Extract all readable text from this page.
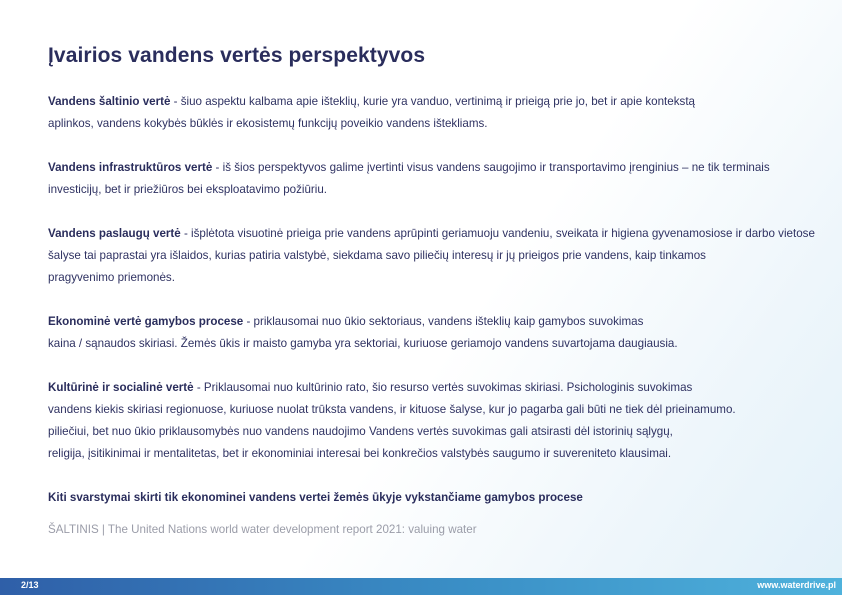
Įvairios vandens vertės perspektyvos

Vandens šaltinio vertė - šiuo aspektu kalbama apie išteklių, kurie yra vanduo, vertinimą ir prieigą prie jo, bet ir apie kontekstą

aplinkos, vandens kokybės būklės ir ekosistemų funkcijų poveikio vandens ištekliams.

Vandens infrastruktūros vertė - iš šios perspektyvos galime įvertinti visus vandens saugojimo ir transportavimo įrenginius – ne tik terminais

investicijų, bet ir priežiūros bei eksploatavimo požiūriu.

Vandens paslaugų vertė - išplėtota visuotinė prieiga prie vandens aprūpinti geriamuoju vandeniu, sveikata ir higiena gyvenamosiose ir darbo vietose

šalyse tai paprastai yra išlaidos, kurias patiria valstybė, siekdama savo piliečių interesų ir jų prieigos prie vandens, kaip tinkamos

pragyvenimo priemonės.

Ekonominė vertė gamybos procese - priklausomai nuo ūkio sektoriaus, vandens išteklių kaip gamybos suvokimas

kaina / sąnaudos skiriasi. Žemės ūkis ir maisto gamyba yra sektoriai, kuriuose geriamojo vandens suvartojama daugiausia.

Kultūrinė ir socialinė vertė - Priklausomai nuo kultūrinio rato, šio resurso vertės suvokimas skiriasi. Psichologinis suvokimas

vandens kiekis skiriasi regionuose, kuriuose nuolat trūksta vandens, ir kituose šalyse, kur jo pagarba gali būti ne tiek dėl prieinamumo.

piliečiui, bet nuo ūkio priklausomybės nuo vandens naudojimo Vandens vertės suvokimas gali atsirasti dėl istorinių sąlygų,

religija, įsitikinimai ir mentalitetas, bet ir ekonominiai interesai bei konkrečios valstybės saugumo ir suvereniteto klausimai.

Kiti svarstymai skirti tik ekonominei vandens vertei žemės ūkyje vykstančiame gamybos procese

ŠALTINIS | The United Nations world water development report 2021: valuing water

2/13	www.waterdrive.pl
